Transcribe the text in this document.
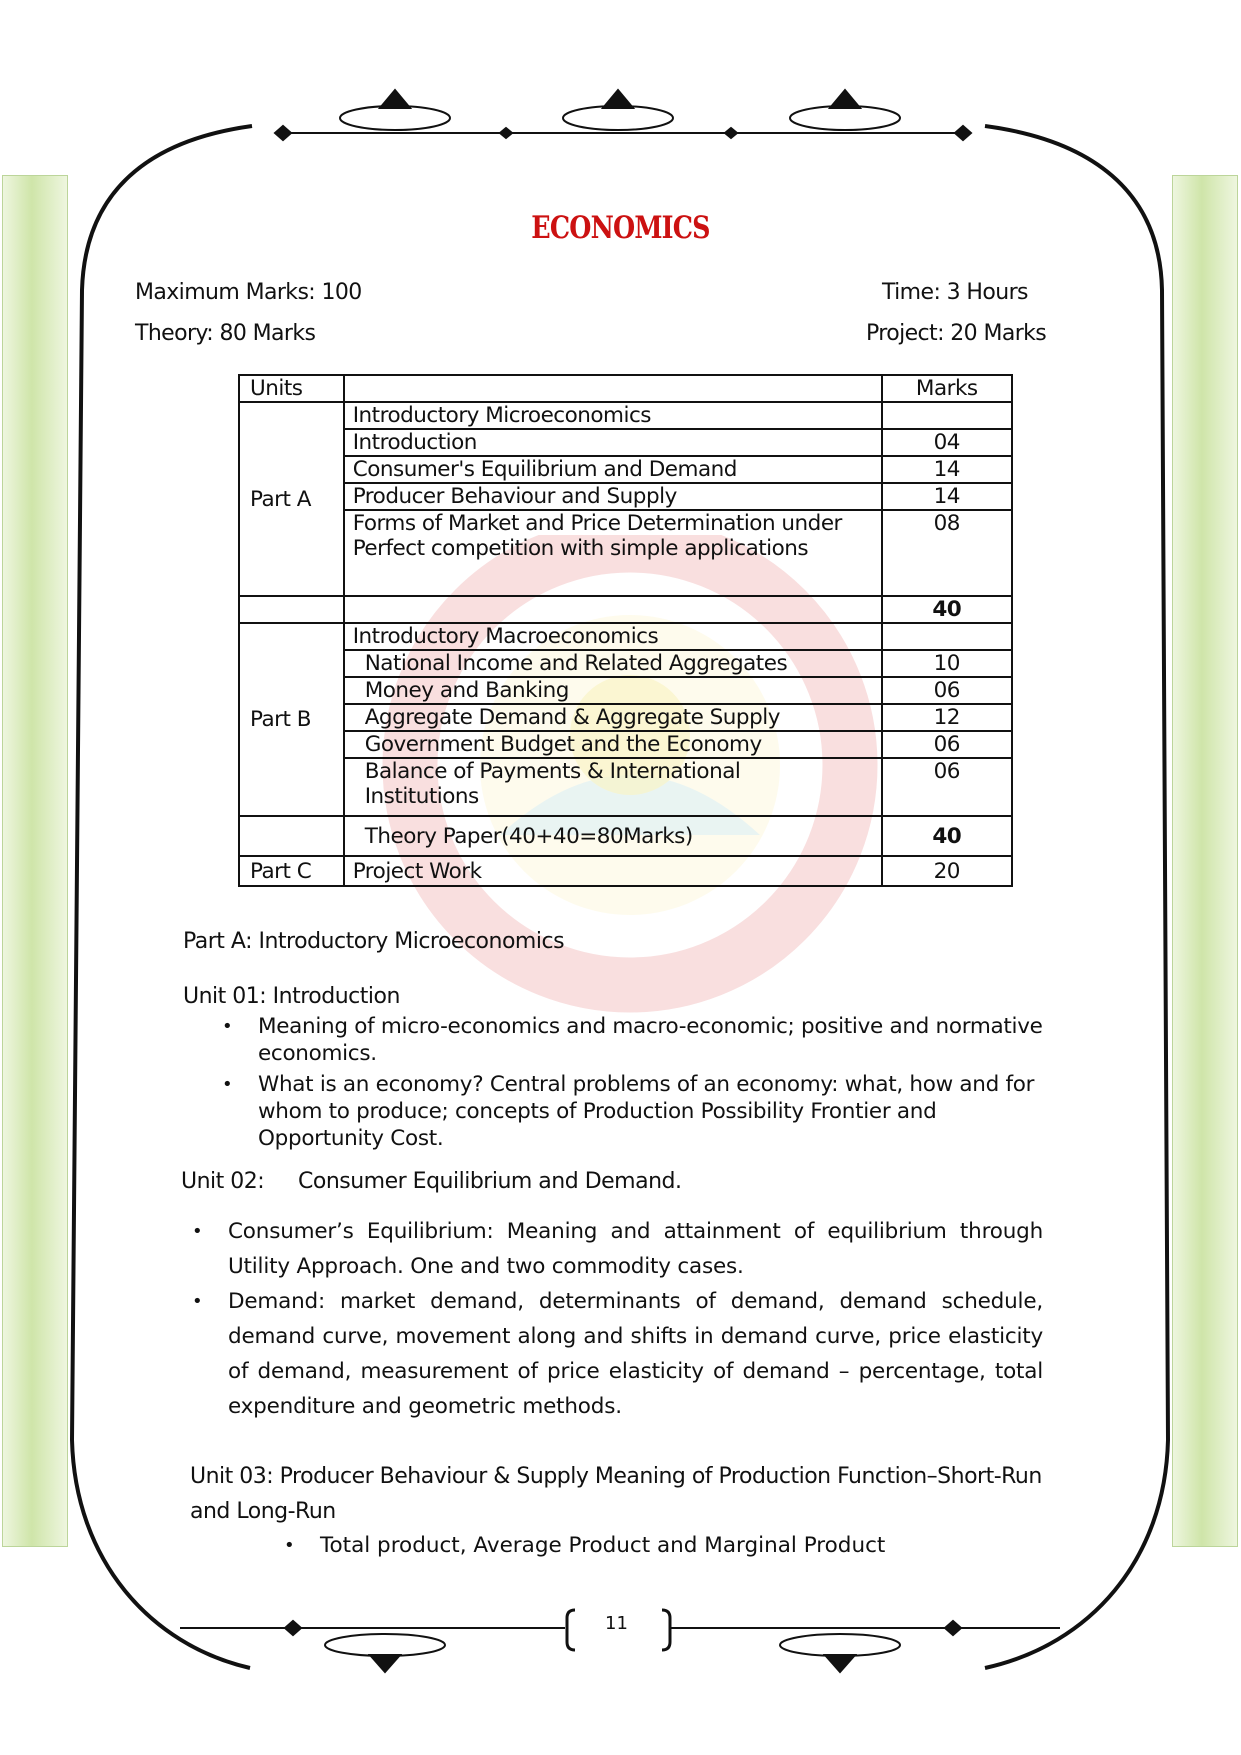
ECONOMICS
Maximum Marks: 100	Time: 3 Hours
Theory: 80 Marks	Project: 20 Marks
Units		Marks
Part A	Introductory Microeconomics	
	Introduction	04
	Consumer's Equilibrium and Demand	14
	Producer Behaviour and Supply	14
	Forms of Market and Price Determination under Perfect competition with simple applications	08
		40
Part B	Introductory Macroeconomics	
	National Income and Related Aggregates	10
	Money and Banking	06
	Aggregate Demand & Aggregate Supply	12
	Government Budget and the Economy	06
	Balance of Payments & International Institutions	06
	Theory Paper(40+40=80Marks)	40
Part C	Project Work	20
Part A: Introductory Microeconomics
Unit 01: Introduction
• Meaning of micro-economics and macro-economic; positive and normative economics.
• What is an economy? Central problems of an economy: what, how and for whom to produce; concepts of Production Possibility Frontier and Opportunity Cost.
Unit 02: Consumer Equilibrium and Demand.
• Consumer’s Equilibrium: Meaning and attainment of equilibrium through Utility Approach. One and two commodity cases.
• Demand: market demand, determinants of demand, demand schedule, demand curve, movement along and shifts in demand curve, price elasticity of demand, measurement of price elasticity of demand – percentage, total expenditure and geometric methods.
Unit 03: Producer Behaviour & Supply Meaning of Production Function–Short-Run and Long-Run
• Total product, Average Product and Marginal Product
11
